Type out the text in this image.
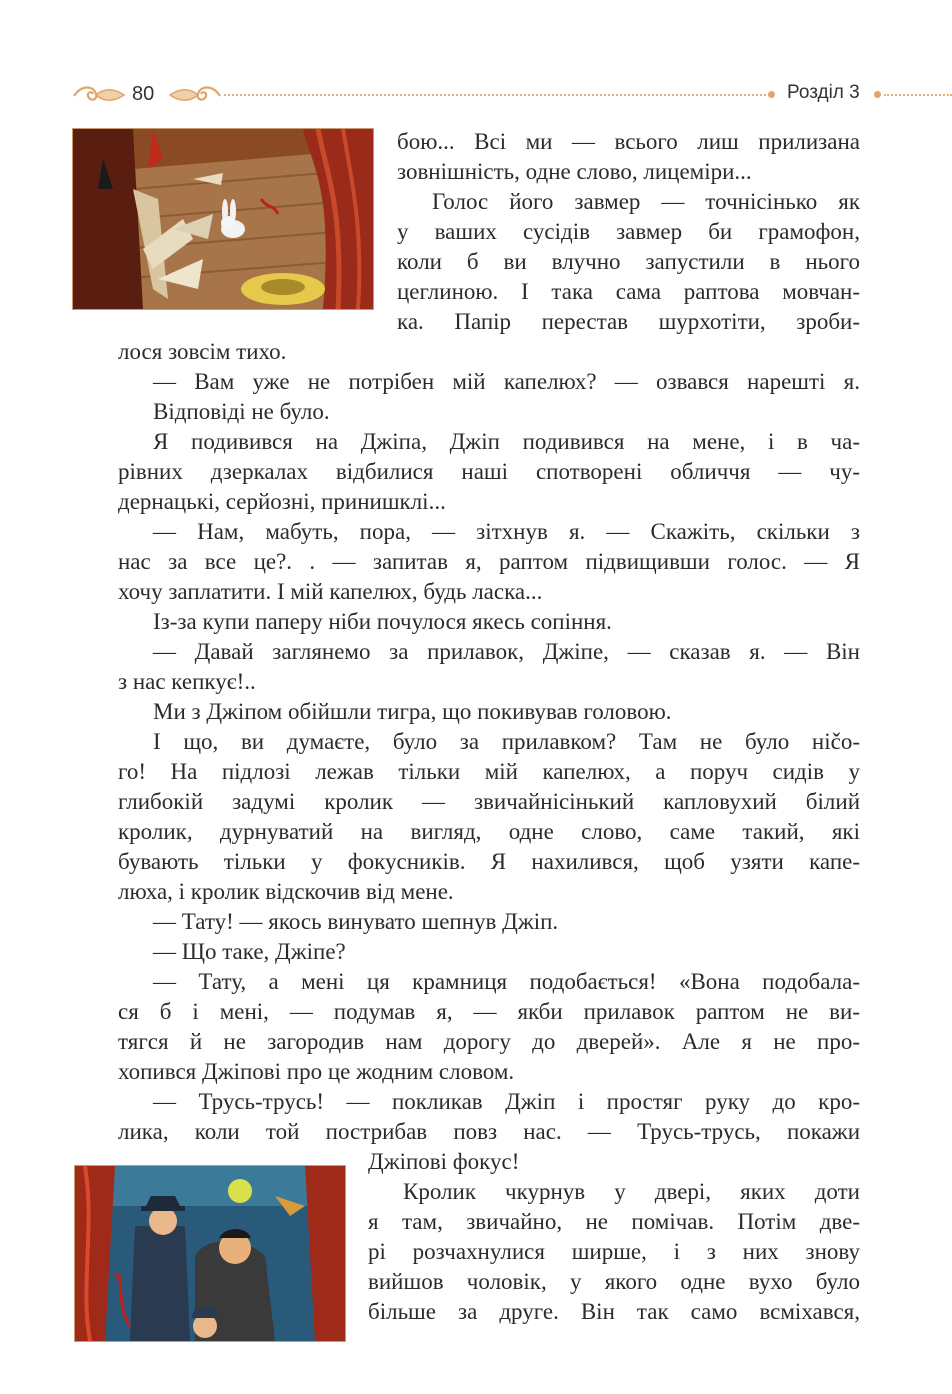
80	Розділ 3
бою... Всі ми — всього лиш прилизана
зовнішність, одне слово, лицеміри...
Голос його завмер — точнісінько як
у ваших сусідів завмер би грамофон,
коли б ви влучно запустили в нього
цеглиною. І така сама раптова мовчан-
ка. Папір перестав шурхотіти, зроби-
лося зовсім тихо.
— Вам уже не потрібен мій капелюх? — озвався нарешті я.
Відповіді не було.
Я подивився на Джіпа, Джіп подивився на мене, і в ча-
рівних дзеркалах відбилися наші спотворені обличчя — чу-
дернацькі, серйозні, принишклі...
— Нам, мабуть, пора, — зітхнув я. — Скажіть, скільки з
нас за все це?. . — запитав я, раптом підвищивши голос. — Я
хочу заплатити. І мій капелюх, будь ласка...
Із-за купи паперу ніби почулося якесь сопіння.
— Давай заглянемо за прилавок, Джіпе, — сказав я. — Він
з нас кепкує!..
Ми з Джіпом обійшли тигра, що покивував головою.
І що, ви думаєте, було за прилавком? Там не було ніčо-
го! На підлозі лежав тільки мій капелюх, а поруч сидів у
глибокій задумі кролик — звичайнісінький капловухий білий
кролик, дурнуватий на вигляд, одне слово, саме такий, які
бувають тільки у фокусників. Я нахилився, щоб узяти капе-
люха, і кролик відскочив від мене.
— Тату! — якось винувато шепнув Джіп.
— Що таке, Джіпе?
— Тату, а мені ця крамниця подобається! «Вона подобала-
ся б і мені, — подумав я, — якби прилавок раптом не ви-
тягся й не загородив нам дорогу до дверей». Але я не про-
хопився Джіпові про це жодним словом.
— Трусь-трусь! — покликав Джіп і простяг руку до кро-
лика, коли той пострибав повз нас. — Трусь-трусь, покажи
Джіпові фокус!
Кролик чкурнув у двері, яких доти
я там, звичайно, не помічав. Потім две-
рі розчахнулися ширше, і з них знову
вийшов чоловік, у якого одне вухо було
більше за друге. Він так само всміхався,
